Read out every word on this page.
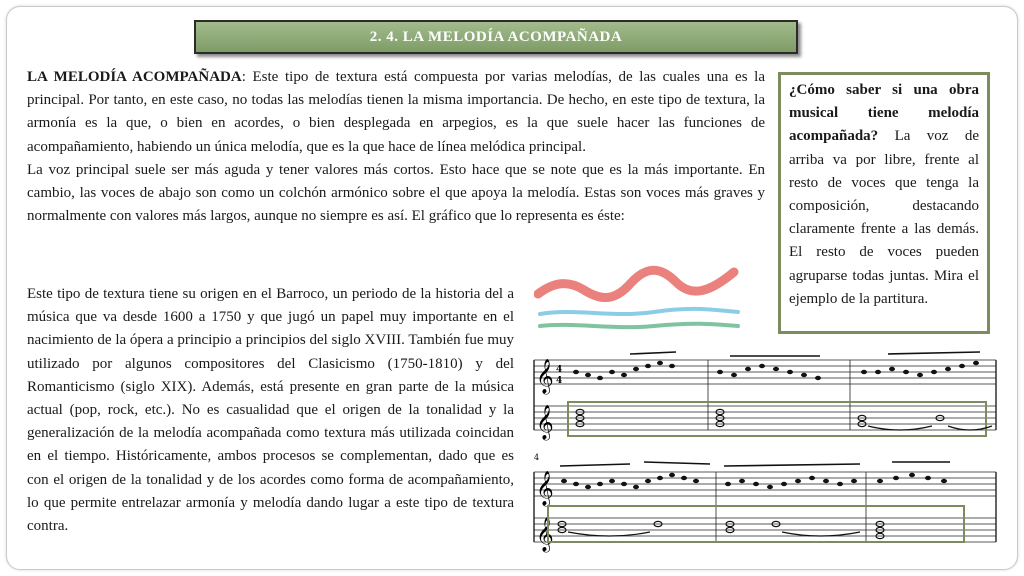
2. 4. LA MELODÍA ACOMPAÑADA

LA MELODÍA ACOMPAÑADA: Este tipo de textura está compuesta por varias melodías, de las cuales una es la principal. Por tanto, en este caso, no todas las melodías tienen la misma importancia. De hecho, en este tipo de textura, la armonía es la que, o bien en acordes, o bien desplegada en arpegios, es la que suele hacer las funciones de acompañamiento, habiendo un única melodía, que es la que hace de línea melódica principal.

La voz principal suele ser más aguda y tener valores más cortos. Esto hace que se note que es la más importante. En cambio, las voces de abajo son como un colchón armónico sobre el que apoya la melodía. Estas son voces más graves y normalmente con valores más largos, aunque no siempre es así. El gráfico que lo representa es éste:

Este tipo de textura tiene su origen en el Barroco, un periodo de la historia del a música que va desde 1600 a 1750 y que jugó un papel muy importante en el nacimiento de la ópera a principio a principios del siglo XVIII. También fue muy utilizado por algunos compositores del Clasicismo (1750-1810) y del Romanticismo (siglo XIX). Además, está presente en gran parte de la música actual (pop, rock, etc.). No es casualidad que el origen de la tonalidad y la generalización de la melodía acompañada como textura más utilizada coincidan en el tiempo. Históricamente, ambos procesos se complementan, dado que es con el origen de la tonalidad y de los acordes como forma de acompañamiento, lo que permite entrelazar armonía y melodía dando lugar a este tipo de textura contra.

¿Cómo saber si una obra musical tiene melodía acompañada? La voz de arriba va por libre, frente al resto de voces que tenga la composición, destacando claramente frente a las demás. El resto de voces pueden agruparse todas juntas. Mira el ejemplo de la partitura.

𝄞
𝄞
4
4
4
𝄞
𝄞
